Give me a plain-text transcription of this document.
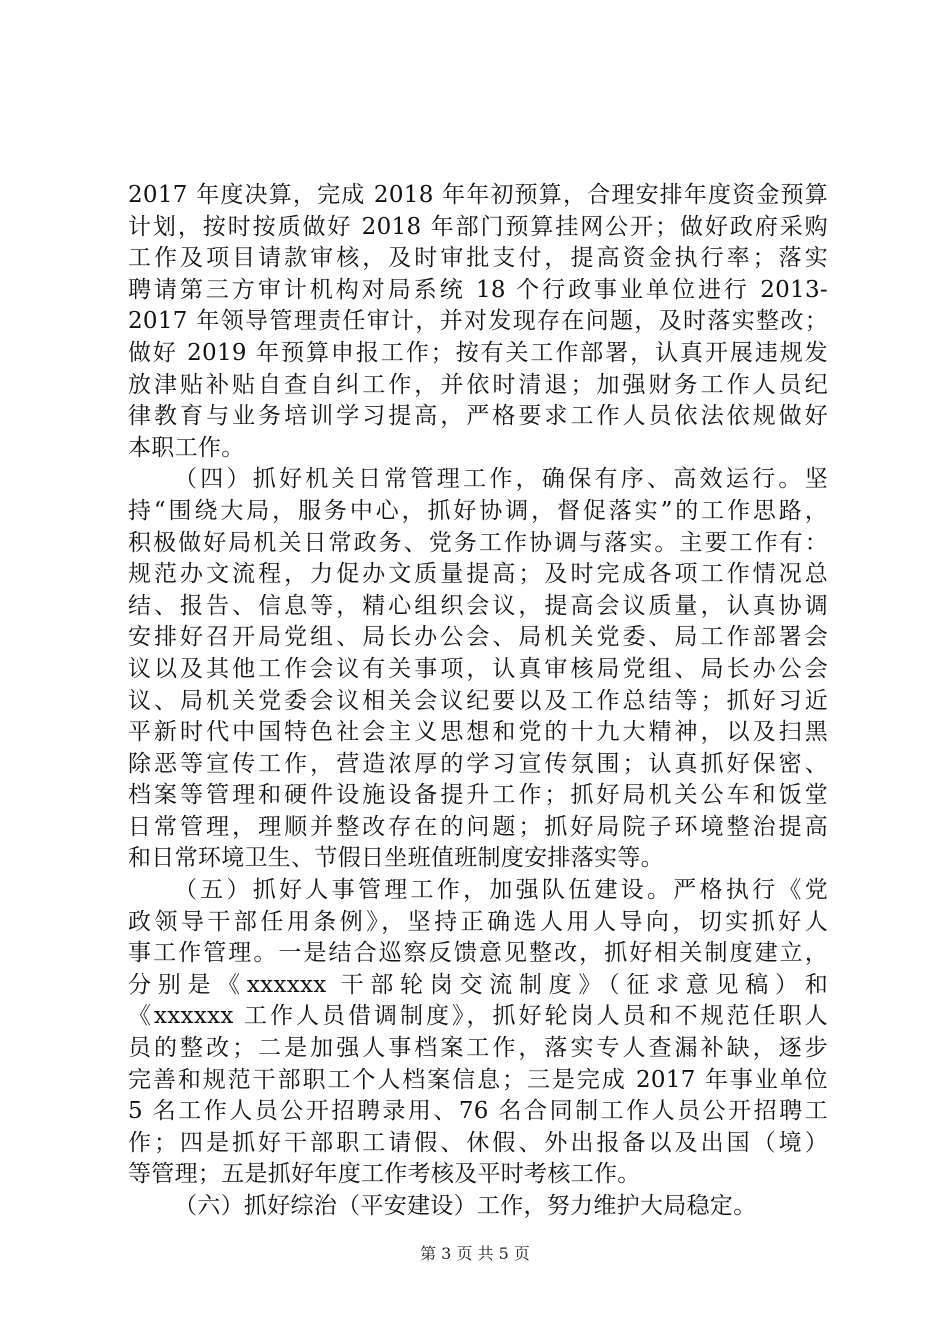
2017 年度决算，完成 2018 年年初预算，合理安排年度资金预算
计划，按时按质做好 2018 年部门预算挂网公开；做好政府采购
工作及项目请款审核，及时审批支付，提高资金执行率；落实
聘请第三方审计机构对局系统 18 个行政事业单位进行 2013-
2017 年领导管理责任审计，并对发现存在问题，及时落实整改；
做好 2019 年预算申报工作；按有关工作部署，认真开展违规发
放津贴补贴自查自纠工作，并依时清退；加强财务工作人员纪
律教育与业务培训学习提高，严格要求工作人员依法依规做好
本职工作。
（四）抓好机关日常管理工作，确保有序、高效运行。坚
持“围绕大局，服务中心，抓好协调，督促落实”的工作思路，
积极做好局机关日常政务、党务工作协调与落实。主要工作有：
规范办文流程，力促办文质量提高；及时完成各项工作情况总
结、报告、信息等，精心组织会议，提高会议质量，认真协调
安排好召开局党组、局长办公会、局机关党委、局工作部署会
议以及其他工作会议有关事项，认真审核局党组、局长办公会
议、局机关党委会议相关会议纪要以及工作总结等；抓好习近
平新时代中国特色社会主义思想和党的十九大精神，以及扫黑
除恶等宣传工作，营造浓厚的学习宣传氛围；认真抓好保密、
档案等管理和硬件设施设备提升工作；抓好局机关公车和饭堂
日常管理，理顺并整改存在的问题；抓好局院子环境整治提高
和日常环境卫生、节假日坐班值班制度安排落实等。
（五）抓好人事管理工作，加强队伍建设。严格执行《党
政领导干部任用条例》，坚持正确选人用人导向，切实抓好人
事工作管理。一是结合巡察反馈意见整改，抓好相关制度建立，
分别是《xxxxxx 干部轮岗交流制度》（征求意见稿）和
《xxxxxx 工作人员借调制度》，抓好轮岗人员和不规范任职人
员的整改；二是加强人事档案工作，落实专人查漏补缺，逐步
完善和规范干部职工个人档案信息；三是完成 2017 年事业单位
5 名工作人员公开招聘录用、76 名合同制工作人员公开招聘工
作；四是抓好干部职工请假、休假、外出报备以及出国（境）
等管理；五是抓好年度工作考核及平时考核工作。
（六）抓好综治（平安建设）工作，努力维护大局稳定。
第 3 页 共 5 页
